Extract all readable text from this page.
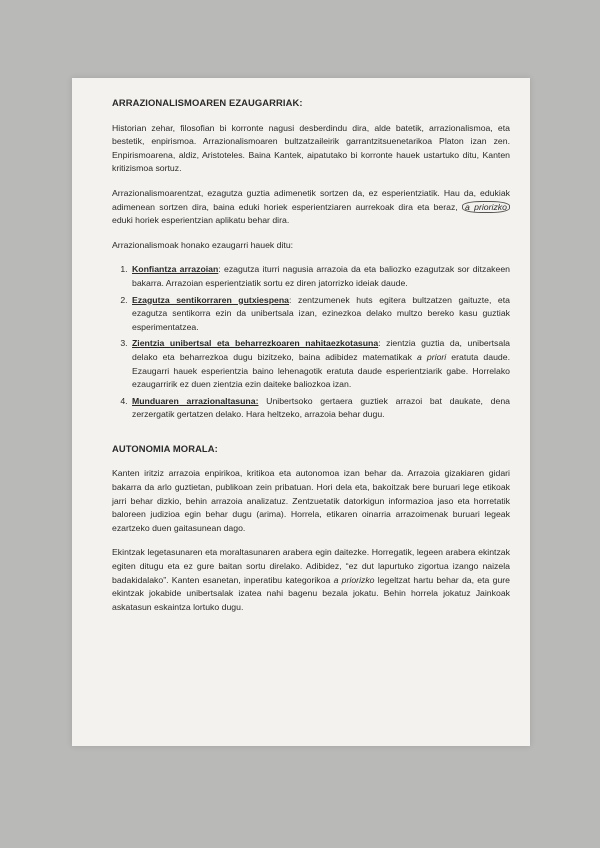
ARRAZIONALISMOAREN EZAUGARRIAK:

Historian zehar, filosofian bi korronte nagusi desberdindu dira, alde batetik, arrazionalismoa, eta bestetik, enpirismoa. Arrazionalismoaren bultzatzaileirik garrantzitsuenetarikoa Platon izan zen. Enpirismoarena, aldiz, Aristoteles. Baina Kantek, aipatutako bi korronte hauek ustartuko ditu, Kanten kritizismoa sortuz.

Arrazionalismoarentzat, ezagutza guztia adimenetik sortzen da, ez esperientziatik. Hau da, edukiak adimenean sortzen dira, baina eduki horiek esperientziaren aurrekoak dira eta beraz, a priorizko eduki horiek esperientzian aplikatu behar dira.

Arrazionalismoak honako ezaugarri hauek ditu:

1. Konfiantza arrazoian: ezagutza iturri nagusia arrazoia da eta baliozko ezagutzak sor ditzakeen bakarra. Arrazoian esperientziatik sortu ez diren jatorrizko ideiak daude.
2. Ezagutza sentikorraren gutxiespena: zentzumenek huts egitera bultzatzen gaituzte, eta ezagutza sentikorra ezin da unibertsala izan, ezinezkoa delako multzo bereko kasu guztiak esperimentatzea.
3. Zientzia unibertsal eta beharrezkoaren nahitaezkotasuna: zientzia guztia da, unibertsala delako eta beharrezkoa dugu bizitzeko, baina adibidez matematikak a priori eratuta daude. Ezaugarri hauek esperientzia baino lehenagotik eratuta daude esperientziarik gabe. Horrelako ezaugarririk ez duen zientzia ezin daiteke baliozkoa izan.
4. Munduaren arrazionaltasuna: Unibertsoko gertaera guztiek arrazoi bat daukate, dena zerzergatik gertatzen delako. Hara heltzeko, arrazoia behar dugu.
AUTONOMIA MORALA:

Kanten iritziz arrazoia enpirikoa, kritikoa eta autonomoa izan behar da. Arrazoia gizakiaren gidari bakarra da arlo guztietan, publikoan zein pribatuan. Hori dela eta, bakoitzak bere buruari lege etikoak jarri behar dizkio, behin arrazoia analizatuz. Zentzuetatik datorkigun informazioa jaso eta horretatik baloreen judizioa egin behar dugu (arima). Horrela, etikaren oinarria arrazoimenak buruari legeak ezartzeko duen gaitasunean dago.

Ekintzak legetasunaren eta moraltasunaren arabera egin daitezke. Horregatik, legeen arabera ekintzak egiten ditugu eta ez gure baitan sortu direlako. Adibidez, “ez dut lapurtuko zigortua izango naizela badakidalako”. Kanten esanetan, inperatibu kategorikoa a priorizko legeltzat hartu behar da, eta gure ekintzak jokabide unibertsalak izatea nahi bagenu bezala jokatu. Behin horrela jokatuz Jainkoak askatasun eskaintza lortuko dugu.
